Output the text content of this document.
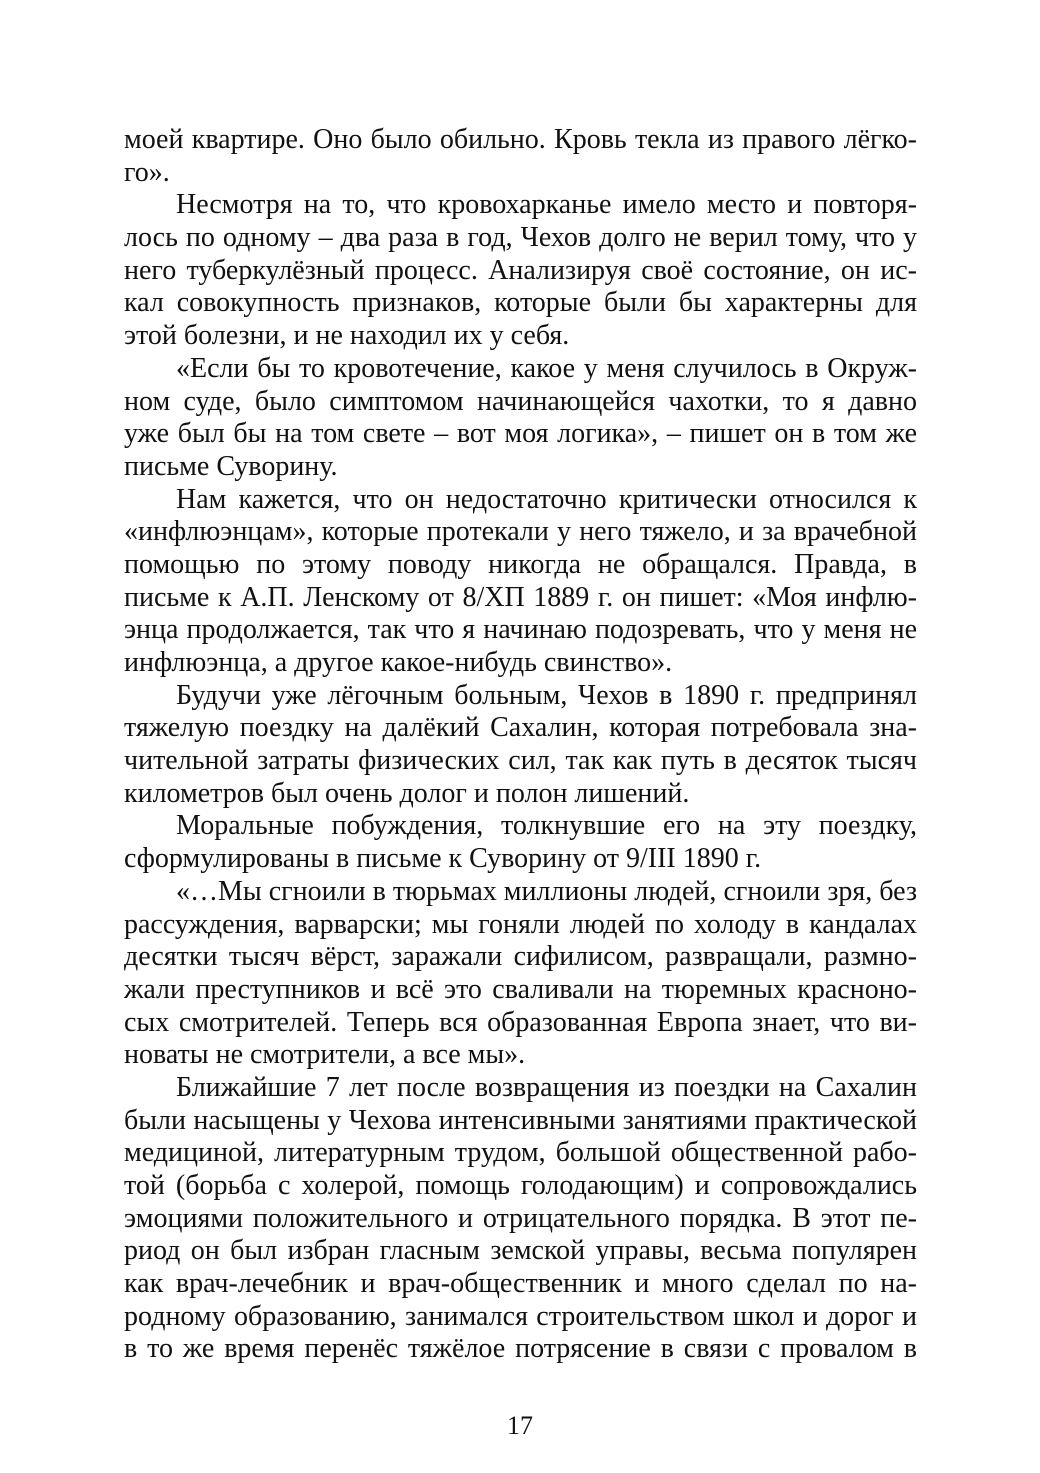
моей квартире. Оно было обильно. Кровь текла из правого лёгко-
го».
Несмотря на то, что кровохарканье имело место и повторя-
лось по одному – два раза в год, Чехов долго не верил тому, что у
него туберкулёзный процесс. Анализируя своё состояние, он ис-
кал совокупность признаков, которые были бы характерны для
этой болезни, и не находил их у себя.
«Если бы то кровотечение, какое у меня случилось в Окруж-
ном суде, было симптомом начинающейся чахотки, то я давно
уже был бы на том свете – вот моя логика», – пишет он в том же
письме Суворину.
Нам кажется, что он недостаточно критически относился к
«инфлюэнцам», которые протекали у него тяжело, и за врачебной
помощью по этому поводу никогда не обращался. Правда, в
письме к А.П. Ленскому от 8/ХП 1889 г. он пишет: «Моя инфлю-
энца продолжается, так что я начинаю подозревать, что у меня не
инфлюэнца, а другое какое-нибудь свинство».
Будучи уже лёгочным больным, Чехов в 1890 г. предпринял
тяжелую поездку на далёкий Сахалин, которая потребовала зна-
чительной затраты физических сил, так как путь в десяток тысяч
километров был очень долог и полон лишений.
Моральные побуждения, толкнувшие его на эту поездку,
сформулированы в письме к Суворину от 9/III 1890 г.
«…Мы сгноили в тюрьмах миллионы людей, сгноили зря, без
рассуждения, варварски; мы гоняли людей по холоду в кандалах
десятки тысяч вёрст, заражали сифилисом, развращали, размно-
жали преступников и всё это сваливали на тюремных красноно-
сых смотрителей. Теперь вся образованная Европа знает, что ви-
новаты не смотрители, а все мы».
Ближайшие 7 лет после возвращения из поездки на Сахалин
были насыщены у Чехова интенсивными занятиями практической
медициной, литературным трудом, большой общественной рабо-
той (борьба с холерой, помощь голодающим) и сопровождались
эмоциями положительного и отрицательного порядка. В этот пе-
риод он был избран гласным земской управы, весьма популярен
как врач-лечебник и врач-общественник и много сделал по на-
родному образованию, занимался строительством школ и дорог и
в то же время перенёс тяжёлое потрясение в связи с провалом в
17
